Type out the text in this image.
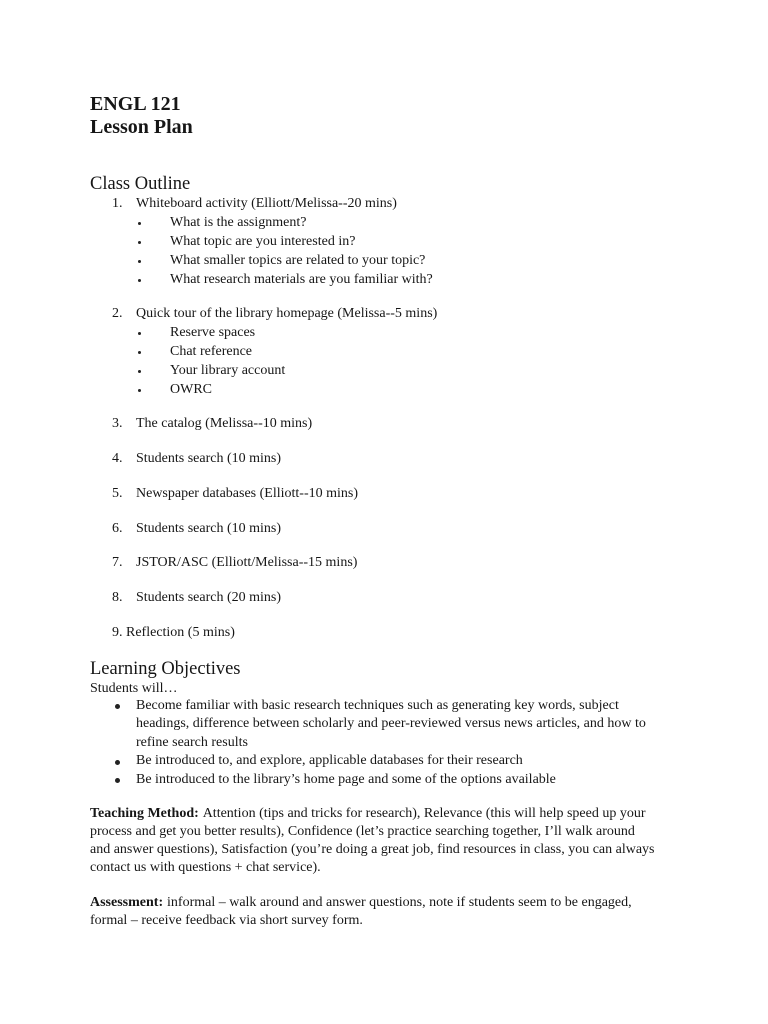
ENGL 121
Lesson Plan
Class Outline
1. Whiteboard activity (Elliott/Melissa--20 mins)
What is the assignment?
What topic are you interested in?
What smaller topics are related to your topic?
What research materials are you familiar with?
2. Quick tour of the library homepage (Melissa--5 mins)
Reserve spaces
Chat reference
Your library account
OWRC
3. The catalog (Melissa--10 mins)
4. Students search (10 mins)
5. Newspaper databases (Elliott--10 mins)
6. Students search (10 mins)
7. JSTOR/ASC (Elliott/Melissa--15 mins)
8. Students search (20 mins)
9. Reflection (5 mins)
Learning Objectives
Students will…
Become familiar with basic research techniques such as generating key words, subject
headings, difference between scholarly and peer-reviewed versus news articles, and how to
refine search results
Be introduced to, and explore, applicable databases for their research
Be introduced to the library’s home page and some of the options available
Teaching Method: Attention (tips and tricks for research), Relevance (this will help speed up your
process and get you better results), Confidence (let’s practice searching together, I’ll walk around
and answer questions), Satisfaction (you’re doing a great job, find resources in class, you can always
contact us with questions + chat service).
Assessment: informal – walk around and answer questions, note if students seem to be engaged,
formal – receive feedback via short survey form.
